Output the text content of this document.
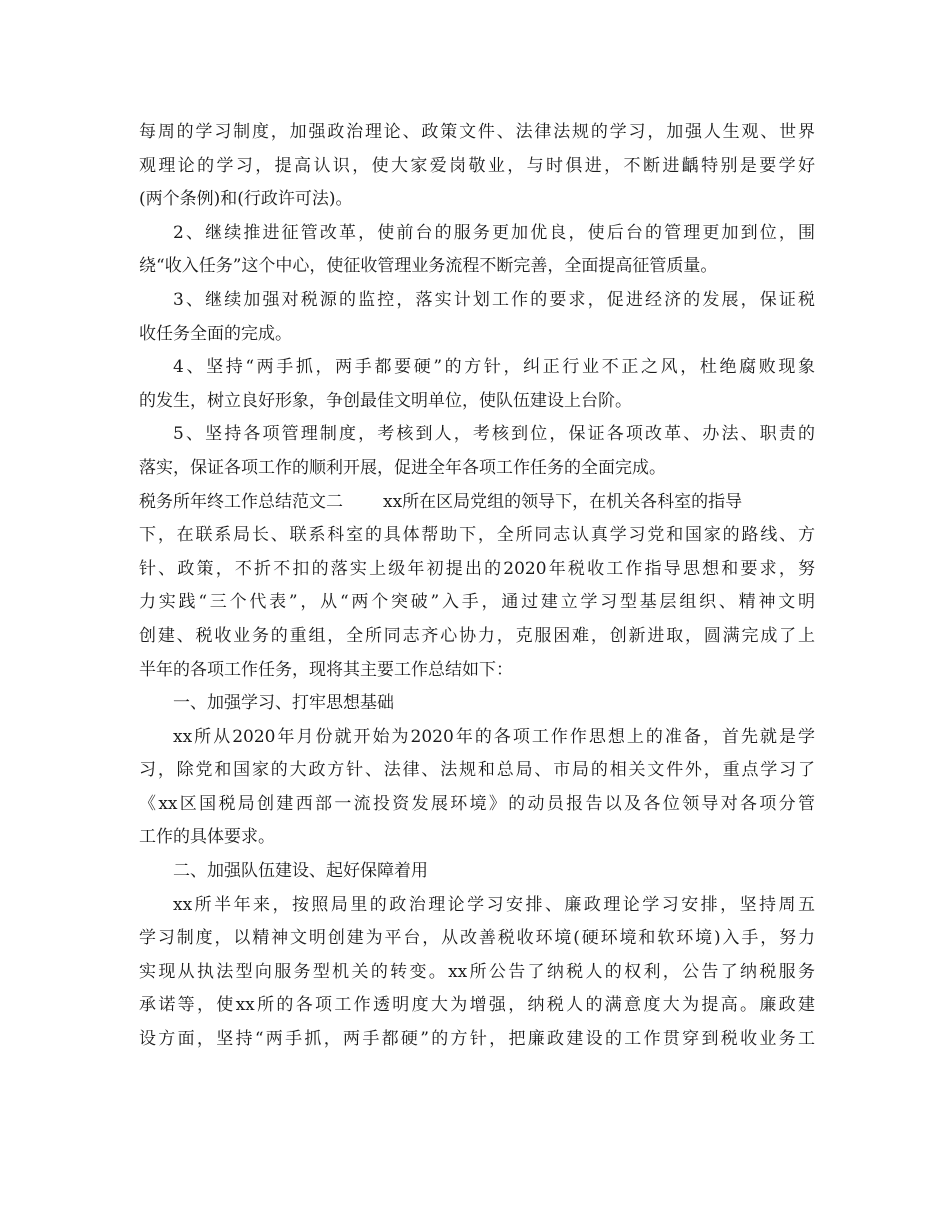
每周的学习制度，加强政治理论、政策文件、法律法规的学习，加强人生观、世界
观理论的学习，提高认识，使大家爱岗敬业，与时俱进，不断进齲特别是要学好
(两个条例)和(行政许可法)。
2、继续推进征管改革，使前台的服务更加优良，使后台的管理更加到位，围
绕“收入任务”这个中心，使征收管理业务流程不断完善，全面提高征管质量。
3、继续加强对税源的监控，落实计划工作的要求，促进经济的发展，保证税
收任务全面的完成。
4、坚持“两手抓，两手都要硬”的方针，纠正行业不正之风，杜绝腐败现象
的发生，树立良好形象，争创最佳文明单位，使队伍建设上台阶。
5、坚持各项管理制度，考核到人，考核到位，保证各项改革、办法、职责的
落实，保证各项工作的顺利开展，促进全年各项工作任务的全面完成。
税务所年终工作总结范文二 xx所在区局党组的领导下，在机关各科室的指导
下，在联系局长、联系科室的具体帮助下，全所同志认真学习党和国家的路线、方
针、政策，不折不扣的落实上级年初提出的2020年税收工作指导思想和要求，努
力实践“三个代表”，从“两个突破”入手，通过建立学习型基层组织、精神文明
创建、税收业务的重组，全所同志齐心协力，克服困难，创新进取，圆满完成了上
半年的各项工作任务，现将其主要工作总结如下：
一、加强学习、打牢思想基础
xx所从2020年月份就开始为2020年的各项工作作思想上的准备，首先就是学
习，除党和国家的大政方针、法律、法规和总局、市局的相关文件外，重点学习了
《xx区国税局创建西部一流投资发展环境》的动员报告以及各位领导对各项分管
工作的具体要求。
二、加强队伍建设、起好保障着用
xx所半年来，按照局里的政治理论学习安排、廉政理论学习安排，坚持周五
学习制度，以精神文明创建为平台，从改善税收环境(硬环境和软环境)入手，努力
实现从执法型向服务型机关的转变。xx所公告了纳税人的权利，公告了纳税服务
承诺等，使xx所的各项工作透明度大为增强，纳税人的满意度大为提高。廉政建
设方面，坚持“两手抓，两手都硬”的方针，把廉政建设的工作贯穿到税收业务工
